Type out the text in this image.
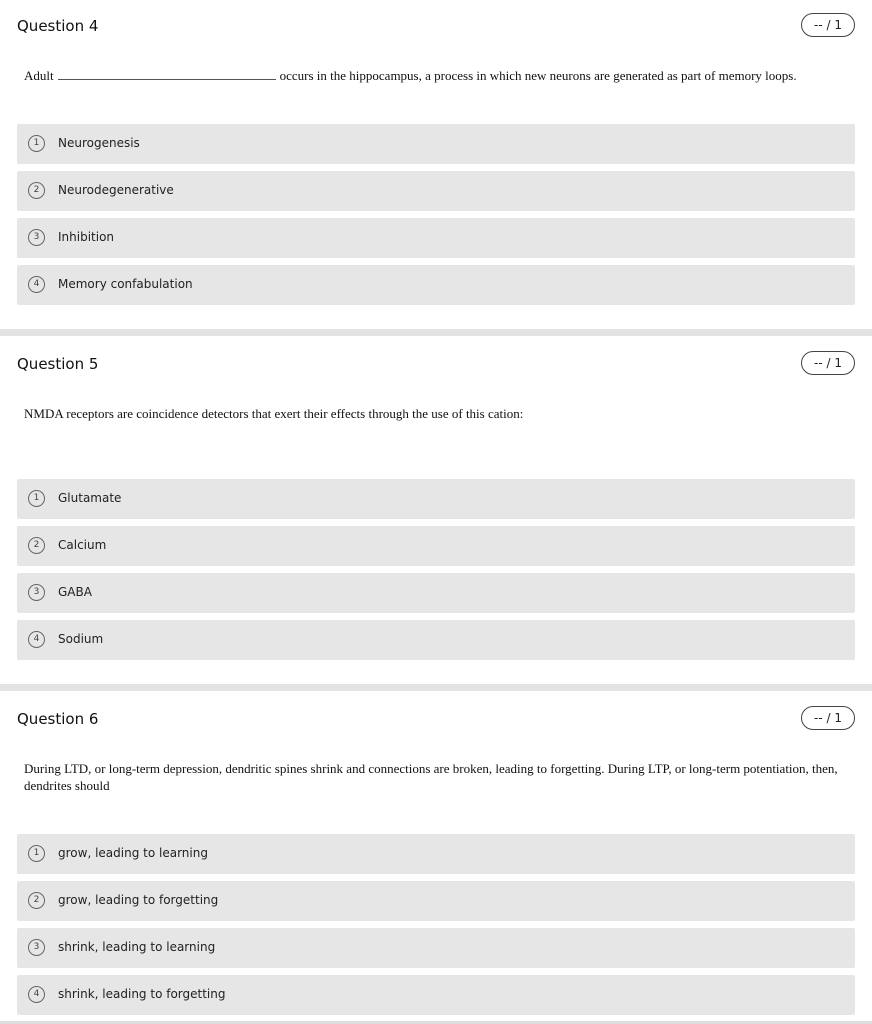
Question 4	-- / 1
Adult	occurs in the hippocampus, a process in which new neurons are generated as part of memory loops.
1	Neurogenesis
2	Neurodegenerative
3	Inhibition
4	Memory confabulation
Question 5	-- / 1
NMDA receptors are coincidence detectors that exert their effects through the use of this cation:
1	Glutamate
2	Calcium
3	GABA
4	Sodium
Question 6	-- / 1
During LTD, or long-term depression, dendritic spines shrink and connections are broken, leading to forgetting. During LTP, or long-term potentiation, then, dendrites should
1	grow, leading to learning
2	grow, leading to forgetting
3	shrink, leading to learning
4	shrink, leading to forgetting
